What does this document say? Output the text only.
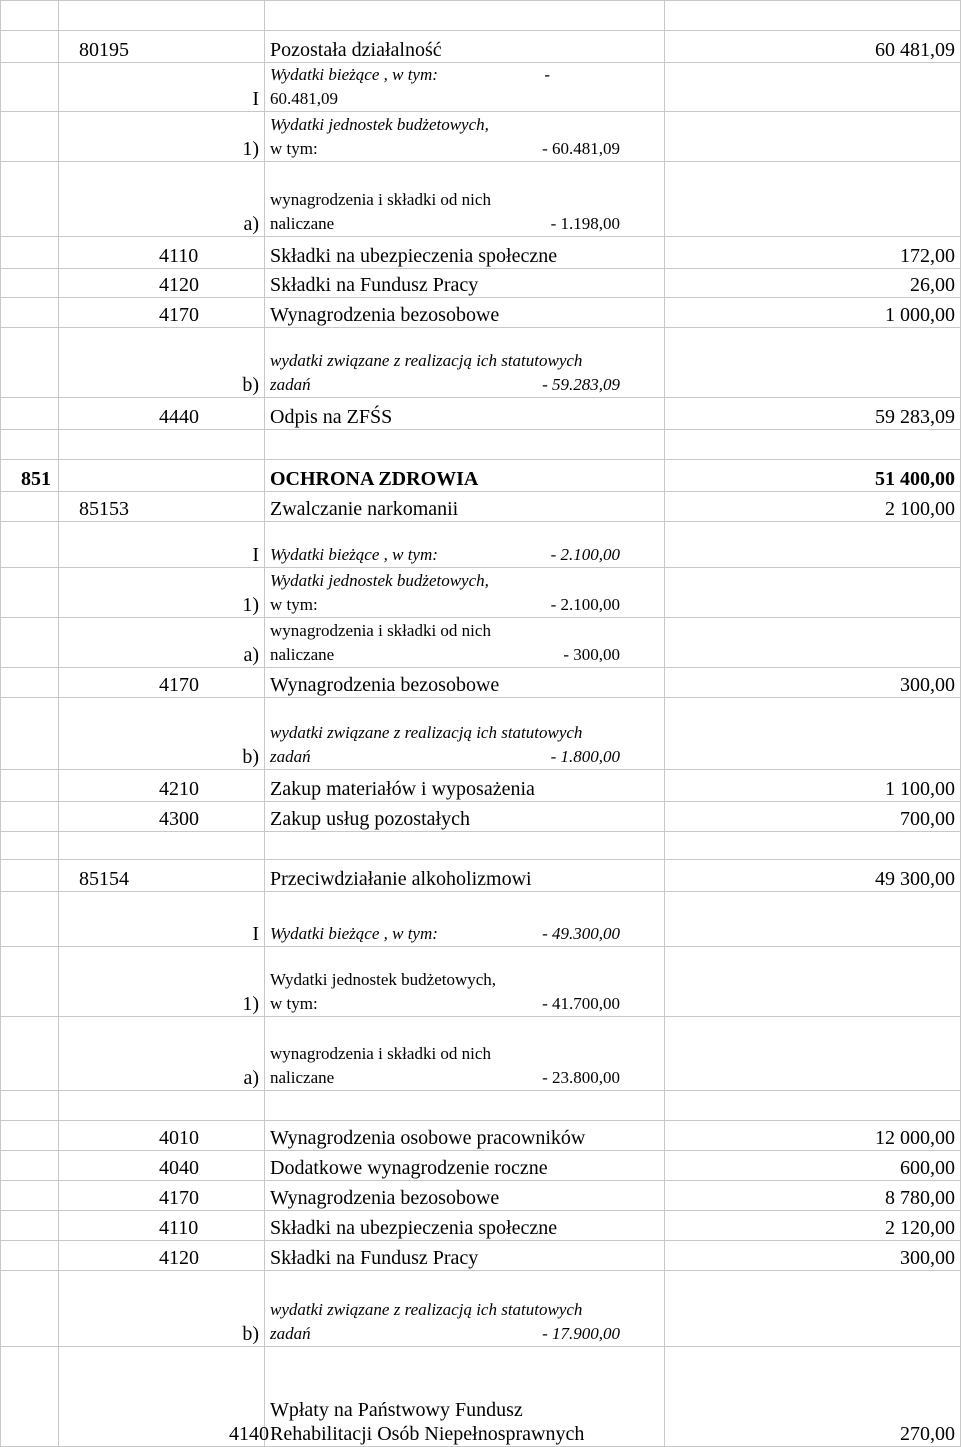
	80195	Pozostała działalność	60 481,09
	I	Wydatki bieżące , w tym: -
60.481,09	

	1)	Wydatki jednostek budżetowych,
w tym: - 60.481,09	

	a)	wynagrodzenia i składki od nich
naliczane - 1.198,00	

	4110	Składki na ubezpieczenia społeczne	172,00
	4120	Składki na Fundusz Pracy	26,00
	4170	Wynagrodzenia bezosobowe	1 000,00
	b)	wydatki związane z realizacją ich statutowych
zadań - 59.283,09	

	4440	Odpis na ZFŚS	59 283,09

851		OCHRONA ZDROWIA	51 400,00
	85153	Zwalczanie narkomanii	2 100,00
	I	Wydatki bieżące , w tym: - 2.100,00	

	1)	Wydatki jednostek budżetowych,
w tym: - 2.100,00	

	a)	wynagrodzenia i składki od nich
naliczane - 300,00	

	4170	Wynagrodzenia bezosobowe	300,00
	b)	wydatki związane z realizacją ich statutowych
zadań - 1.800,00	

	4210	Zakup materiałów i wyposażenia	1 100,00
	4300	Zakup usług pozostałych	700,00

	85154	Przeciwdziałanie alkoholizmowi	49 300,00
	I	Wydatki bieżące , w tym: - 49.300,00	

	1)	Wydatki jednostek budżetowych,
w tym: - 41.700,00	

	a)	wynagrodzenia i składki od nich
naliczane - 23.800,00	

	4010	Wynagrodzenia osobowe pracowników	12 000,00
	4040	Dodatkowe wynagrodzenie roczne	600,00
	4170	Wynagrodzenia bezosobowe	8 780,00
	4110	Składki na ubezpieczenia społeczne	2 120,00
	4120	Składki na Fundusz Pracy	300,00
	b)	wydatki związane z realizacją ich statutowych
zadań - 17.900,00	

	4140	Wpłaty na Państwowy Fundusz
Rehabilitacji Osób Niepełnosprawnych	270,00
